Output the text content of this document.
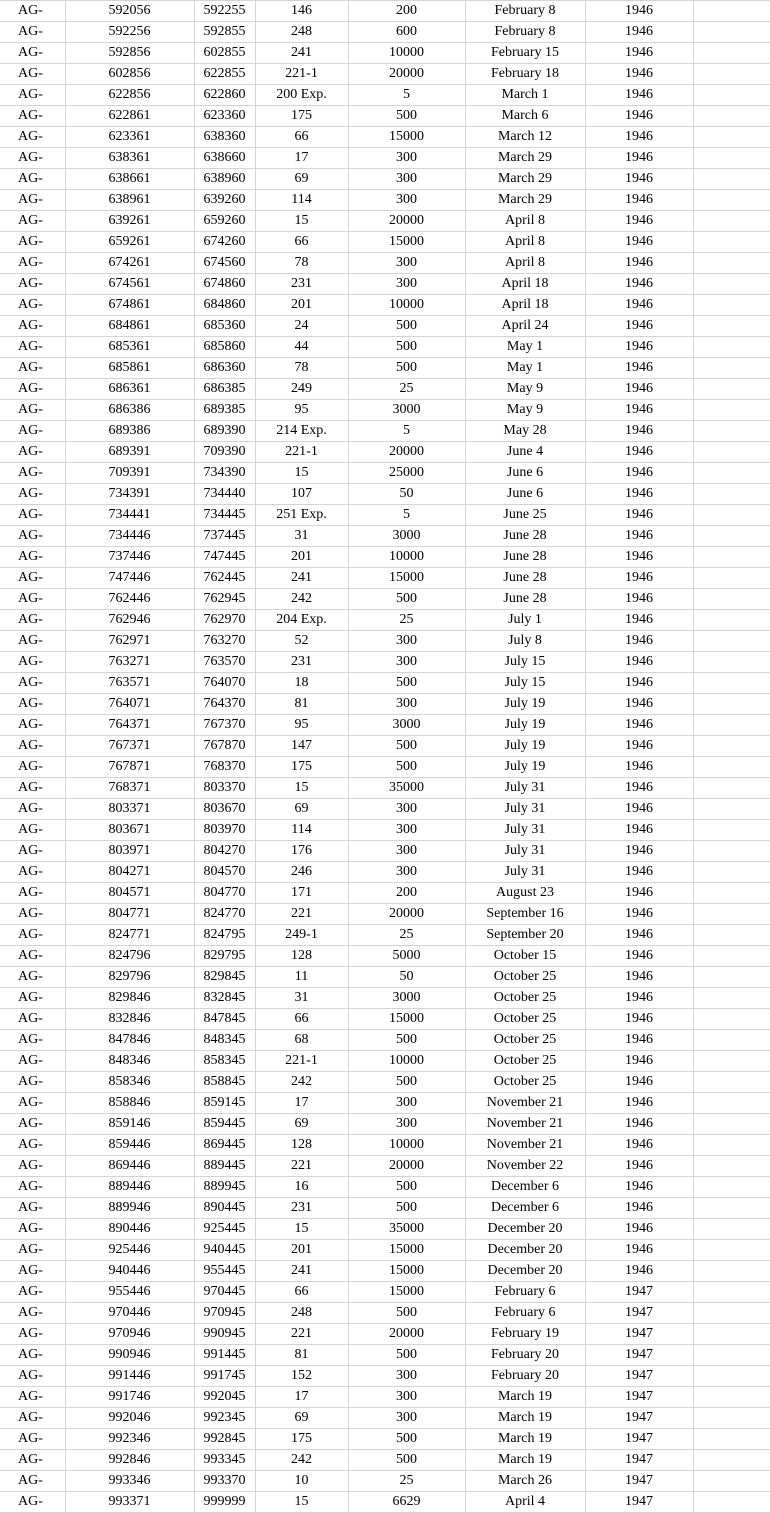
AG-	592056	592255	146	200	February 8	1946	
AG-	592256	592855	248	600	February 8	1946	
AG-	592856	602855	241	10000	February 15	1946	
AG-	602856	622855	221-1	20000	February 18	1946	
AG-	622856	622860	200 Exp.	5	March 1	1946	
AG-	622861	623360	175	500	March 6	1946	
AG-	623361	638360	66	15000	March 12	1946	
AG-	638361	638660	17	300	March 29	1946	
AG-	638661	638960	69	300	March 29	1946	
AG-	638961	639260	114	300	March 29	1946	
AG-	639261	659260	15	20000	April 8	1946	
AG-	659261	674260	66	15000	April 8	1946	
AG-	674261	674560	78	300	April 8	1946	
AG-	674561	674860	231	300	April 18	1946	
AG-	674861	684860	201	10000	April 18	1946	
AG-	684861	685360	24	500	April 24	1946	
AG-	685361	685860	44	500	May 1	1946	
AG-	685861	686360	78	500	May 1	1946	
AG-	686361	686385	249	25	May 9	1946	
AG-	686386	689385	95	3000	May 9	1946	
AG-	689386	689390	214 Exp.	5	May 28	1946	
AG-	689391	709390	221-1	20000	June 4	1946	
AG-	709391	734390	15	25000	June 6	1946	
AG-	734391	734440	107	50	June 6	1946	
AG-	734441	734445	251 Exp.	5	June 25	1946	
AG-	734446	737445	31	3000	June 28	1946	
AG-	737446	747445	201	10000	June 28	1946	
AG-	747446	762445	241	15000	June 28	1946	
AG-	762446	762945	242	500	June 28	1946	
AG-	762946	762970	204 Exp.	25	July 1	1946	
AG-	762971	763270	52	300	July 8	1946	
AG-	763271	763570	231	300	July 15	1946	
AG-	763571	764070	18	500	July 15	1946	
AG-	764071	764370	81	300	July 19	1946	
AG-	764371	767370	95	3000	July 19	1946	
AG-	767371	767870	147	500	July 19	1946	
AG-	767871	768370	175	500	July 19	1946	
AG-	768371	803370	15	35000	July 31	1946	
AG-	803371	803670	69	300	July 31	1946	
AG-	803671	803970	114	300	July 31	1946	
AG-	803971	804270	176	300	July 31	1946	
AG-	804271	804570	246	300	July 31	1946	
AG-	804571	804770	171	200	August 23	1946	
AG-	804771	824770	221	20000	September 16	1946	
AG-	824771	824795	249-1	25	September 20	1946	
AG-	824796	829795	128	5000	October 15	1946	
AG-	829796	829845	11	50	October 25	1946	
AG-	829846	832845	31	3000	October 25	1946	
AG-	832846	847845	66	15000	October 25	1946	
AG-	847846	848345	68	500	October 25	1946	
AG-	848346	858345	221-1	10000	October 25	1946	
AG-	858346	858845	242	500	October 25	1946	
AG-	858846	859145	17	300	November 21	1946	
AG-	859146	859445	69	300	November 21	1946	
AG-	859446	869445	128	10000	November 21	1946	
AG-	869446	889445	221	20000	November 22	1946	
AG-	889446	889945	16	500	December 6	1946	
AG-	889946	890445	231	500	December 6	1946	
AG-	890446	925445	15	35000	December 20	1946	
AG-	925446	940445	201	15000	December 20	1946	
AG-	940446	955445	241	15000	December 20	1946	
AG-	955446	970445	66	15000	February 6	1947	
AG-	970446	970945	248	500	February 6	1947	
AG-	970946	990945	221	20000	February 19	1947	
AG-	990946	991445	81	500	February 20	1947	
AG-	991446	991745	152	300	February 20	1947	
AG-	991746	992045	17	300	March 19	1947	
AG-	992046	992345	69	300	March 19	1947	
AG-	992346	992845	175	500	March 19	1947	
AG-	992846	993345	242	500	March 19	1947	
AG-	993346	993370	10	25	March 26	1947	
AG-	993371	999999	15	6629	April 4	1947	
